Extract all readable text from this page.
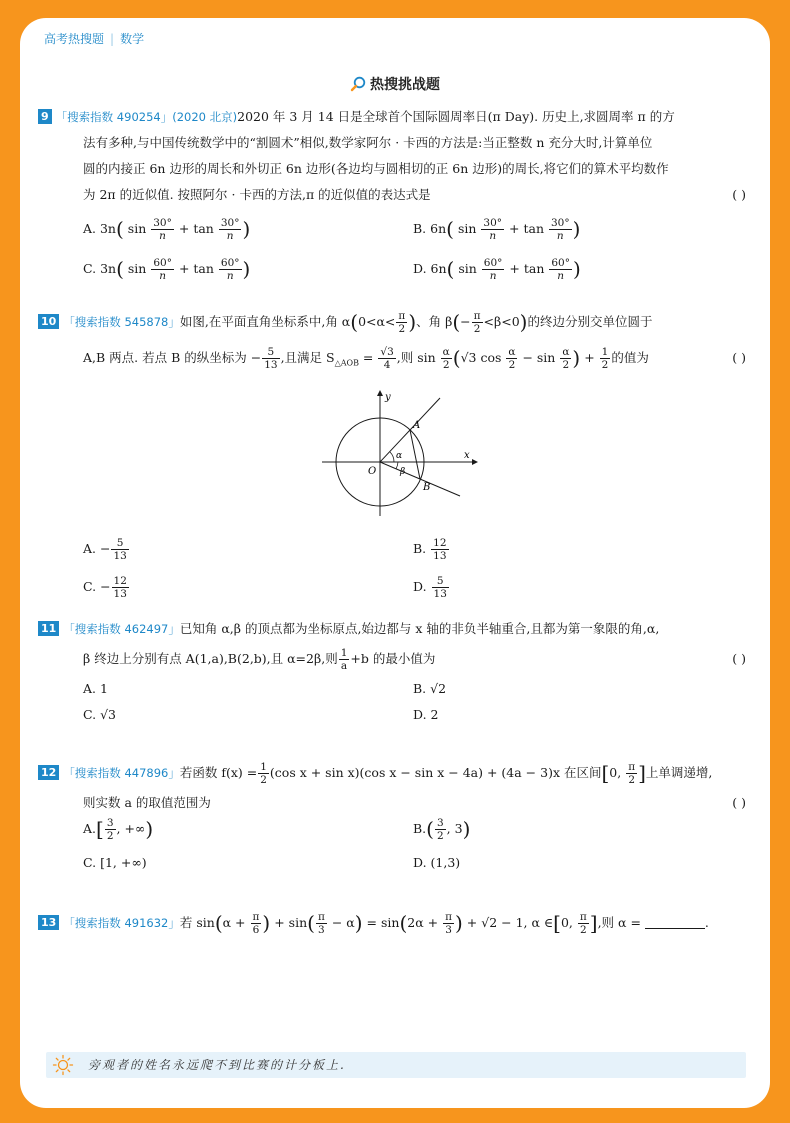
高考热搜题 | 数学
热搜挑战题
9 「搜索指数 490254」(2020 北京)2020 年 3 月 14 日是全球首个国际圆周率日(π Day). 历史上,求圆周率 π 的方
法有多种,与中国传统数学中的“割圆术”相似,数学家阿尔 · 卡西的方法是:当正整数 n 充分大时,计算单位
圆的内接正 6n 边形的周长和外切正 6n 边形(各边均与圆相切的正 6n 边形)的周长,将它们的算术平均数作
为 2π 的近似值. 按照阿尔 · 卡西的方法,π 的近似值的表达式是	( )
A. 3n( $\sin \frac{30^\circ}{n} + \tan \frac{30^\circ}{n}$ )	B. 6n( $\sin \frac{30^\circ}{n} + \tan \frac{30^\circ}{n}$ )
C. 3n( $\sin \frac{60^\circ}{n} + \tan \frac{60^\circ}{n}$ )	D. 6n( $\sin \frac{60^\circ}{n} + \tan \frac{60^\circ}{n}$ )
10 「搜索指数 545878」如图,在平面直角坐标系中,角 $\alpha(0<\alpha< \frac{\pi}{2}$ )、角 $\beta(- \frac{\pi}{2} <\beta<0)$的终边分别交单位圆于
A,B 两点. 若点 B 的纵坐标为 − $\frac{5}{13}$ ,且满足 $S_{\triangle AOB} = \frac{√3}{4}$ ,则 $\sin \frac{\alpha}{2} (√3$ $\cos \frac{\alpha}{2} - \sin \frac{\alpha}{2}$ ) + $\frac{1}{2}$ 的值为	( )
y
x
O
A
B
α
β
A. − $\frac{5}{13}$	B. $\frac{12}{13}$
C. − $\frac{12}{13}$	D. $\frac{5}{13}$
11 「搜索指数 462497」已知角 α,β 的顶点都为坐标原点,始边都与 x 轴的非负半轴重合,且都为第一象限的角,α,
β 终边上分别有点 A(1,a),B(2,b),且 α=2β,则 $\frac{1}{a} +b$ 的最小值为	( )
A. 1	B. √2
C. √3	D. 2
12 「搜索指数 447896」若函数 $f(x) = \frac{1}{2} (\cos$ x + sin x)(cos x − sin x − 4a) + (4a − 3)x 在区间[0, $\frac{\pi}{2}$ ]上单调递增,
则实数 a 的取值范围为	( )
$A.[ \frac{3}{2}$ , +∞)	$B.( \frac{3}{2}$ , 3)
C. [1, +∞)	D. (1,3)
13 「搜索指数 491632」若 $\sin(\alpha + \frac{\pi}{6}$ ) + $\sin( \frac{\pi}{3} - \alpha) = \sin(2\alpha + \frac{\pi}{3}$ ) + √2 − 1, α ∈[0, $\frac{\pi}{2}$ ],则 α =	.
旁观者的姓名永远爬不到比赛的计分板上.
